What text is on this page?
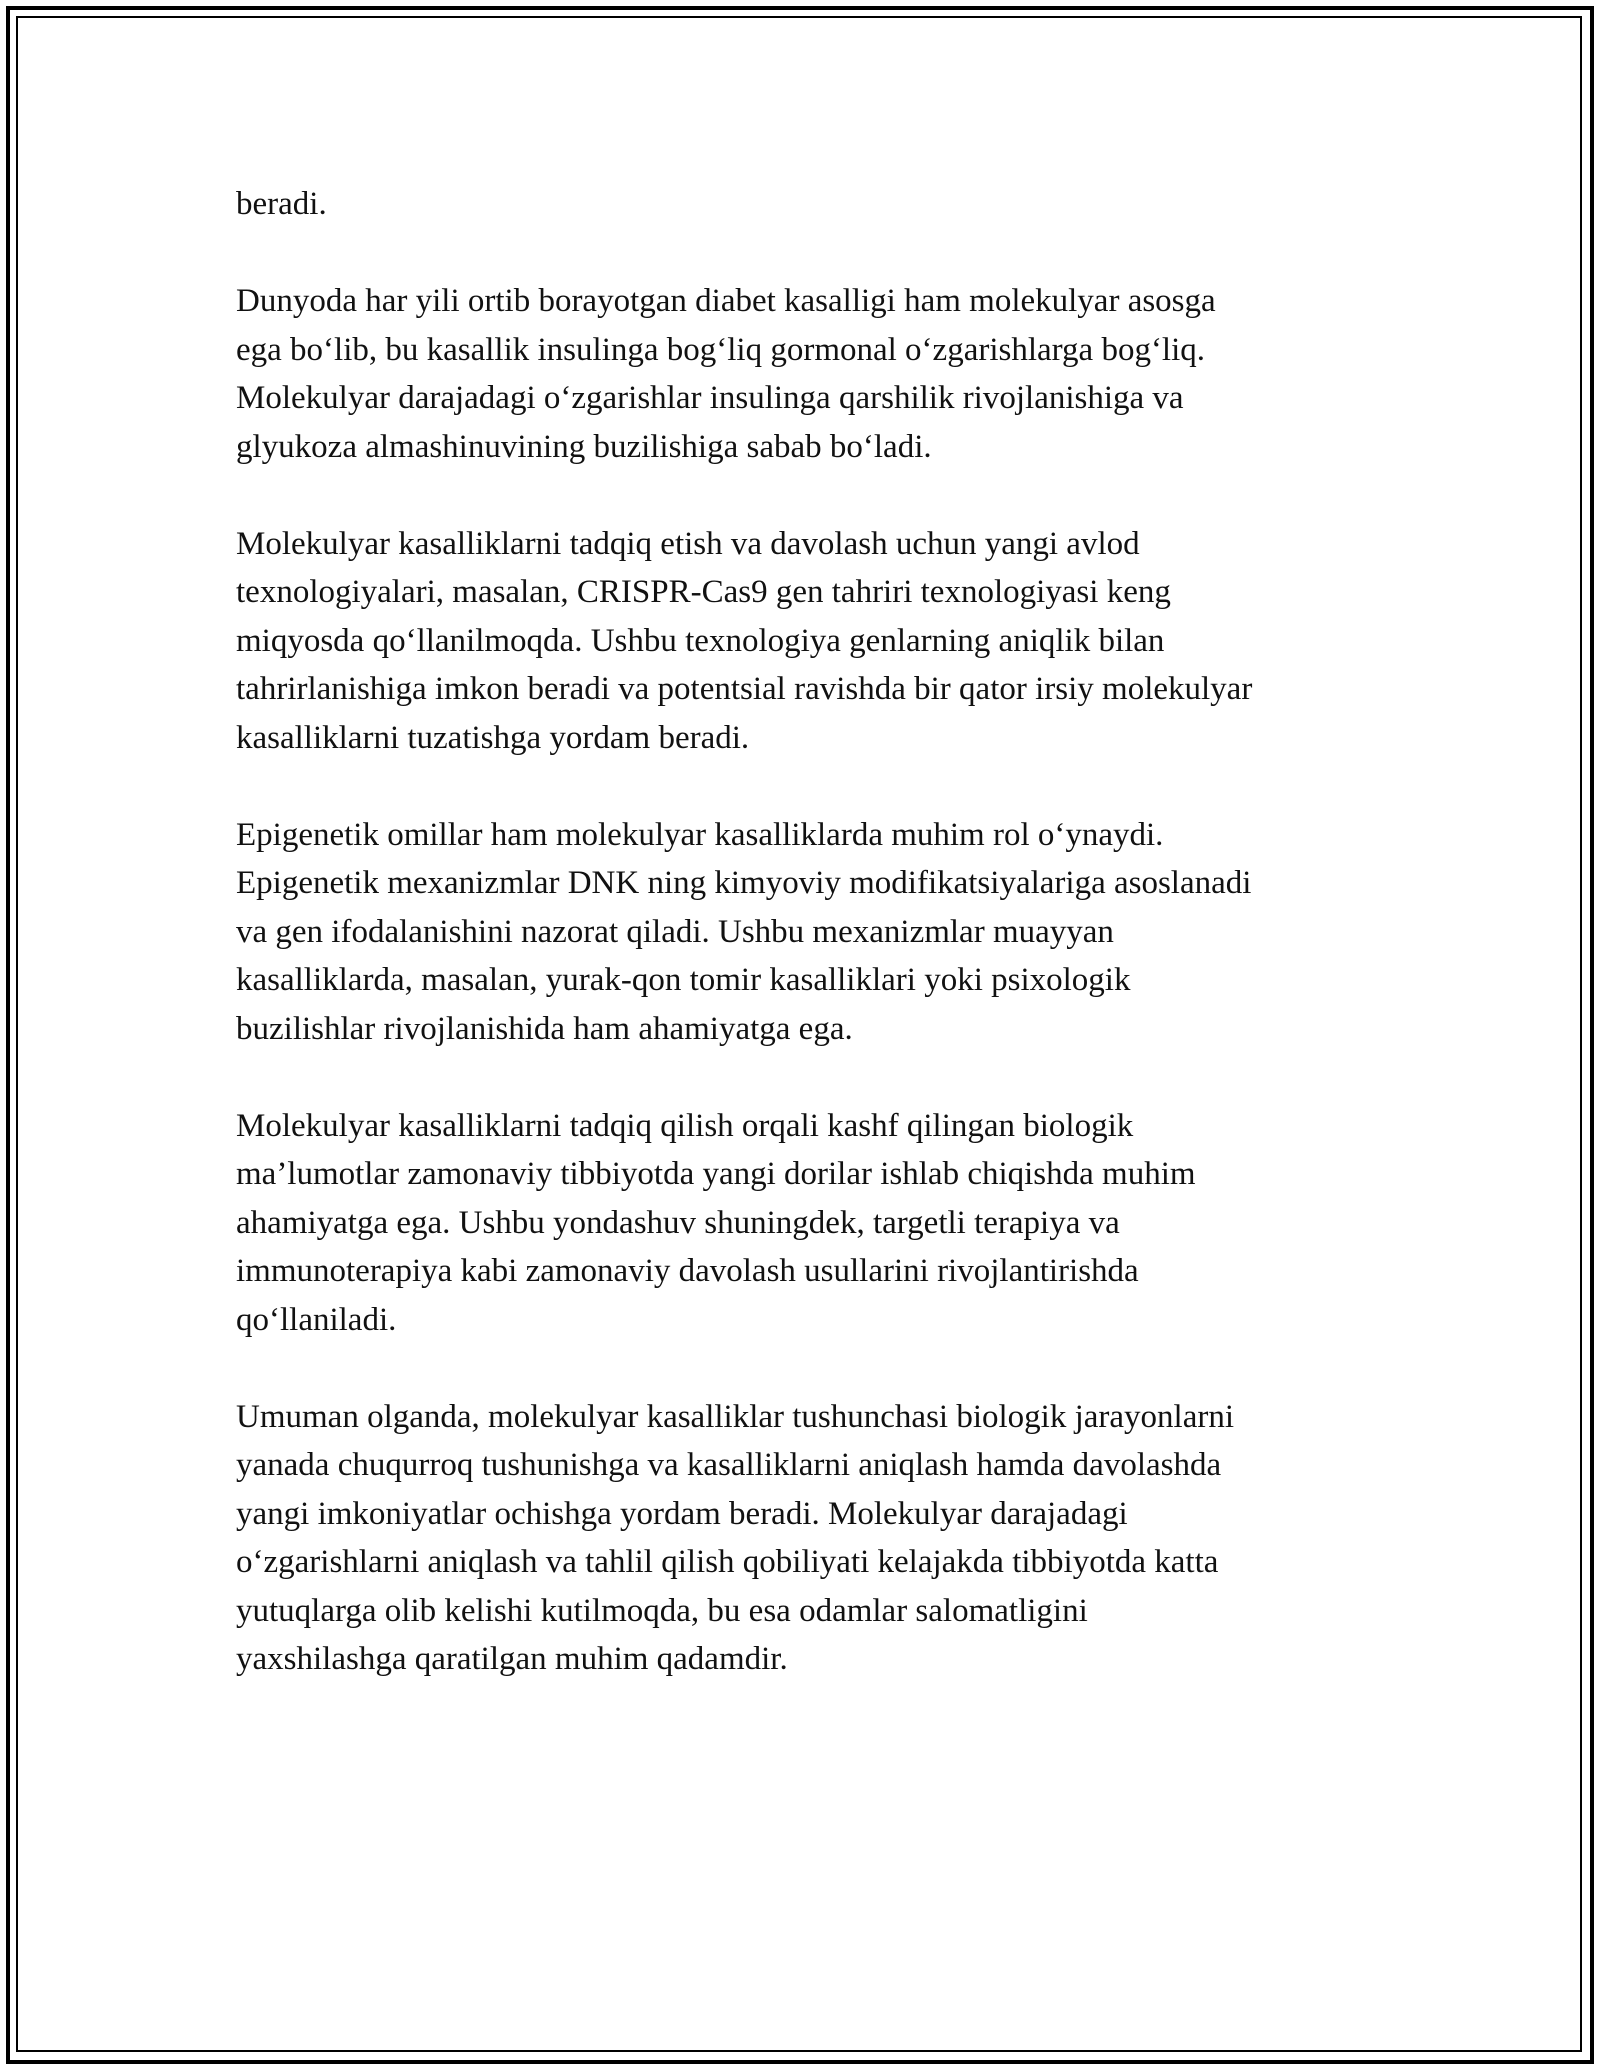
beradi.

Dunyoda har yili ortib borayotgan diabet kasalligi ham molekulyar asosga
ega bo‘lib, bu kasallik insulinga bog‘liq gormonal o‘zgarishlarga bog‘liq.
Molekulyar darajadagi o‘zgarishlar insulinga qarshilik rivojlanishiga va
glyukoza almashinuvining buzilishiga sabab bo‘ladi.

Molekulyar kasalliklarni tadqiq etish va davolash uchun yangi avlod
texnologiyalari, masalan, CRISPR-Cas9 gen tahriri texnologiyasi keng
miqyosda qo‘llanilmoqda. Ushbu texnologiya genlarning aniqlik bilan
tahrirlanishiga imkon beradi va potentsial ravishda bir qator irsiy molekulyar
kasalliklarni tuzatishga yordam beradi.

Epigenetik omillar ham molekulyar kasalliklarda muhim rol o‘ynaydi.
Epigenetik mexanizmlar DNK ning kimyoviy modifikatsiyalariga asoslanadi
va gen ifodalanishini nazorat qiladi. Ushbu mexanizmlar muayyan
kasalliklarda, masalan, yurak-qon tomir kasalliklari yoki psixologik
buzilishlar rivojlanishida ham ahamiyatga ega.

Molekulyar kasalliklarni tadqiq qilish orqali kashf qilingan biologik
ma’lumotlar zamonaviy tibbiyotda yangi dorilar ishlab chiqishda muhim
ahamiyatga ega. Ushbu yondashuv shuningdek, targetli terapiya va
immunoterapiya kabi zamonaviy davolash usullarini rivojlantirishda
qo‘llaniladi.

Umuman olganda, molekulyar kasalliklar tushunchasi biologik jarayonlarni
yanada chuqurroq tushunishga va kasalliklarni aniqlash hamda davolashda
yangi imkoniyatlar ochishga yordam beradi. Molekulyar darajadagi
o‘zgarishlarni aniqlash va tahlil qilish qobiliyati kelajakda tibbiyotda katta
yutuqlarga olib kelishi kutilmoqda, bu esa odamlar salomatligini
yaxshilashga qaratilgan muhim qadamdir.
